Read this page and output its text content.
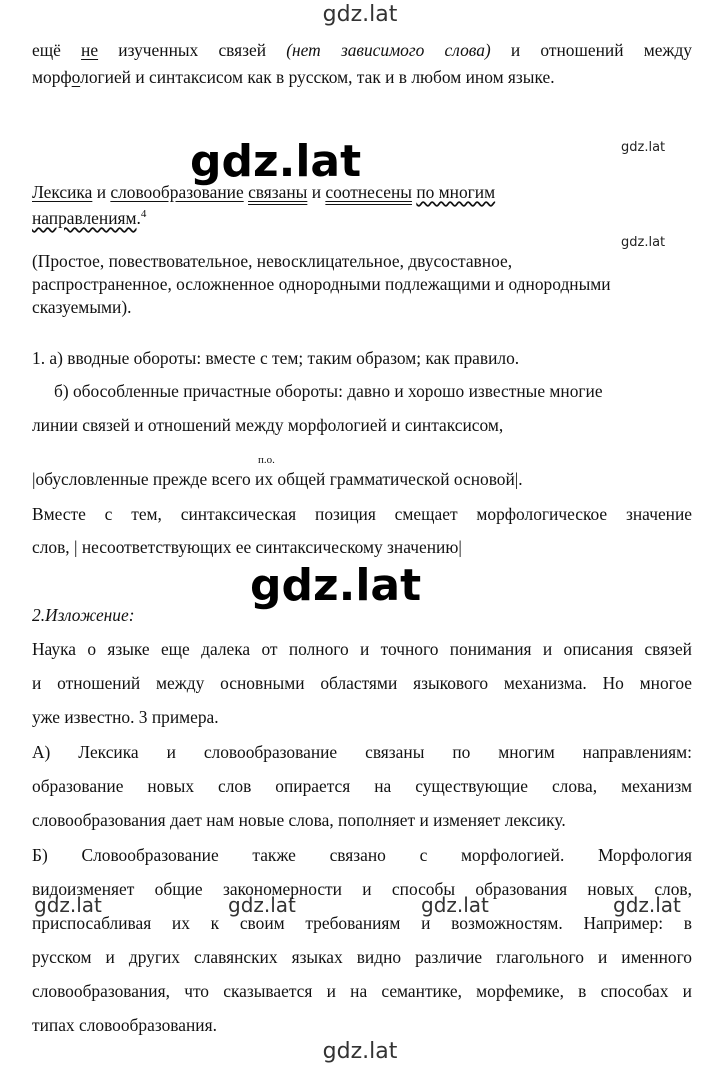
gdz.lat
gdz.lat	gdz.lat
gdz.lat
gdz.lat
ещё не изученных связей (нет зависимого слова) и отношений между
морфологией и синтаксисом как в русском, так и в любом ином языке.
Лексика и словообразование связаны и соотнесены по многим
направлениям.$^4$
(Простое, повествовательное, невосклицательное, двусоставное,
распространенное, осложненное однородными подлежащими и однородными
сказуемыми).
1. а) вводные обороты: вместе с тем; таким образом; как правило.
б) обособленные причастные обороты: давно и хорошо известные многие
линии связей и отношений между морфологией и синтаксисом,
п.о.
|обусловленные прежде всего их общей грамматической основой|.
Вместе с тем, синтаксическая позиция смещает морфологическое значение
слов, | несоответствующих ее синтаксическому значению|
2.Изложение:
Наука о языке еще далека от полного и точного понимания и описания связей
и отношений между основными областями языкового механизма. Но многое
уже известно. 3 примера.
А) Лексика и словообразование связаны по многим направлениям:
образование новых слов опирается на существующие слова, механизм
словообразования дает нам новые слова, пополняет и изменяет лексику.
Б) Словообразование также связано с морфологией. Морфология
видоизменяет общие закономерности и способы образования новых слов,
gdz.lat	gdz.lat	gdz.lat	gdz.lat
приспосабливая их к своим требованиям и возможностям. Например: в
русском и других славянских языках видно различие глагольного и именного
словообразования, что сказывается и на семантике, морфемике, в способах и
типах словообразования.
gdz.lat
